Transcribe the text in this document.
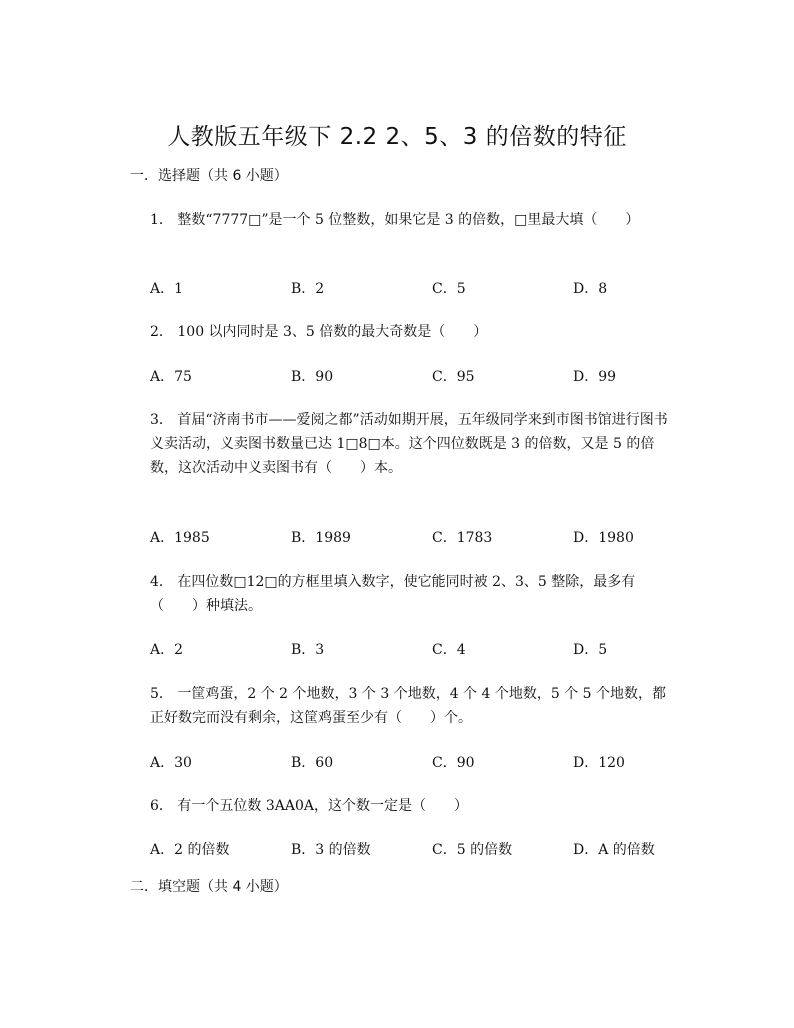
人教版五年级下 2.2 2、5、3 的倍数的特征
一．选择题（共 6 小题）
1． 整数“7777□”是一个 5 位整数，如果它是 3 的倍数，□里最大填（　　）
A．1	B．2	C．5	D．8
2． 100 以内同时是 3、5 倍数的最大奇数是（　　）
A．75	B．90	C．95	D．99
3． 首届“济南书市——爱阅之都”活动如期开展，五年级同学来到市图书馆进行图书义卖活动，义卖图书数量已达 1□8□本。这个四位数既是 3 的倍数，又是 5 的倍数，这次活动中义卖图书有（　　）本。
A．1985	B．1989	C．1783	D．1980
4． 在四位数□12□的方框里填入数字，使它能同时被 2、3、5 整除，最多有（　　）种填法。
A．2	B．3	C．4	D．5
5． 一筐鸡蛋，2 个 2 个地数，3 个 3 个地数，4 个 4 个地数，5 个 5 个地数，都正好数完而没有剩余，这筐鸡蛋至少有（　　）个。
A．30	B．60	C．90	D．120
6． 有一个五位数 3AA0A，这个数一定是（　　）
A．2 的倍数	B．3 的倍数	C．5 的倍数	D．A 的倍数
二．填空题（共 4 小题）
